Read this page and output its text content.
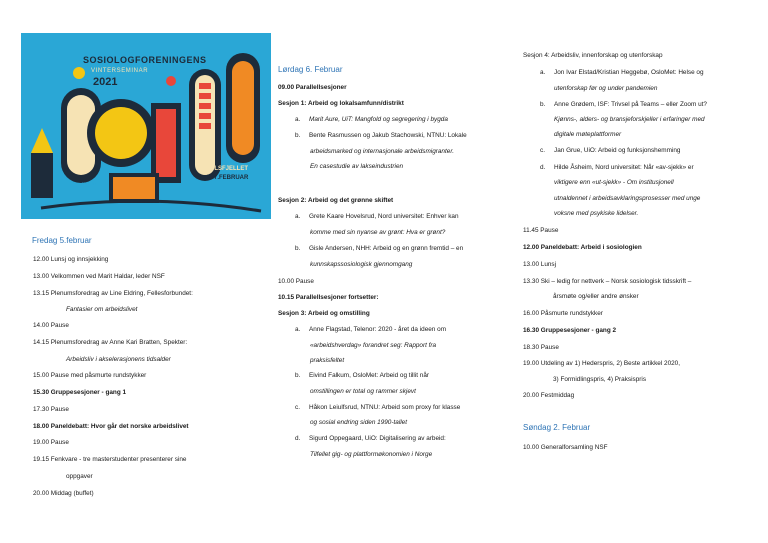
SOSIOLOGFORENINGENS
VINTERSEMINAR
2021
ARBEID
GOLSFJELLET
5.-7.FEBRUAR
Fredag 5.februar
12.00 Lunsj og innsjekking
13.00 Velkommen ved Marit Haldar, leder NSF
13.15 Plenumsforedrag av Line Eldring, Fellesforbundet:
Fantasier om arbeidslivet
14.00 Pause
14.15 Plenumsforedrag av Anne Kari Bratten, Spekter:
Arbeidsliv i akselerasjonens tidsalder
15.00 Pause med påsmurte rundstykker
15.30 Gruppesesjoner - gang 1
17.30 Pause
18.00 Paneldebatt: Hvor går det norske arbeidslivet
19.00 Pause
19.15 Fenkvare - tre masterstudenter presenterer sine
oppgaver
20.00 Middag (buffet)
Lørdag 6. Februar
09.00 Parallellsesjoner
Sesjon 1: Arbeid og lokalsamfunn/distrikt
a. Marit Aure, UiT: Mangfold og segregering i bygda
b. Bente Rasmussen og Jakub Stachowski, NTNU: Lokale
arbeidsmarked og internasjonale arbeidsmigranter.
En casestudie av lakseindustrien
Sesjon 2: Arbeid og det grønne skiftet
a. Grete Kaare Hovelsrud, Nord universitet: Enhver kan
komme med sin nyanse av grønt: Hva er grønt?
b. Gisle Andersen, NHH: Arbeid og en grønn fremtid – en
kunnskapssosiologisk gjennomgang
10.00 Pause
10.15 Parallellsesjoner fortsetter:
Sesjon 3: Arbeid og omstilling
a. Anne Flagstad, Telenor: 2020 - året da ideen om
«arbeidshverdag» forandret seg: Rapport fra
praksisfeltet
b. Eivind Falkum, OsloMet: Arbeid og tillit når
omstillingen er total og rammer skjevt
c. Håkon Leiulfsrud, NTNU: Arbeid som proxy for klasse
og sosial endring siden 1990-tallet
d. Sigurd Oppegaard, UiO: Digitalisering av arbeid:
Tilfellet gig- og plattformøkonomien i Norge
Sesjon 4: Arbeidsliv, innenforskap og utenforskap
a. Jon Ivar Elstad/Kristian Heggebø, OsloMet: Helse og
utenforskap før og under pandemien
b. Anne Grødem, ISF: Trivsel på Teams – eller Zoom ut?
Kjønns-, alders- og bransjeforskjeller i erfaringer med
digitale møteplattformer
c. Jan Grue, UiO: Arbeid og funksjonshemming
d. Hilde Åsheim, Nord universitet: Når «av-sjekk» er
viktigere enn «ut-sjekk» - Om institusjonell
utnaldennet i arbeidsavklaringsprosesser med unge
voksne med psykiske lidelser.
11.45 Pause
12.00 Paneldebatt: Arbeid i sosiologien
13.00 Lunsj
13.30 Ski – ledig for nettverk – Norsk sosiologisk tidsskrift –
årsmøte og/eller andre ønsker
16.00 Påsmurte rundstykker
16.30 Gruppesesjoner - gang 2
18.30 Pause
19.00 Utdeling av 1) Hederspris, 2) Beste artikkel 2020,
3) Formidlingspris, 4) Praksispris
20.00 Festmiddag
Søndag 2. Februar
10.00 Generalforsamling NSF
